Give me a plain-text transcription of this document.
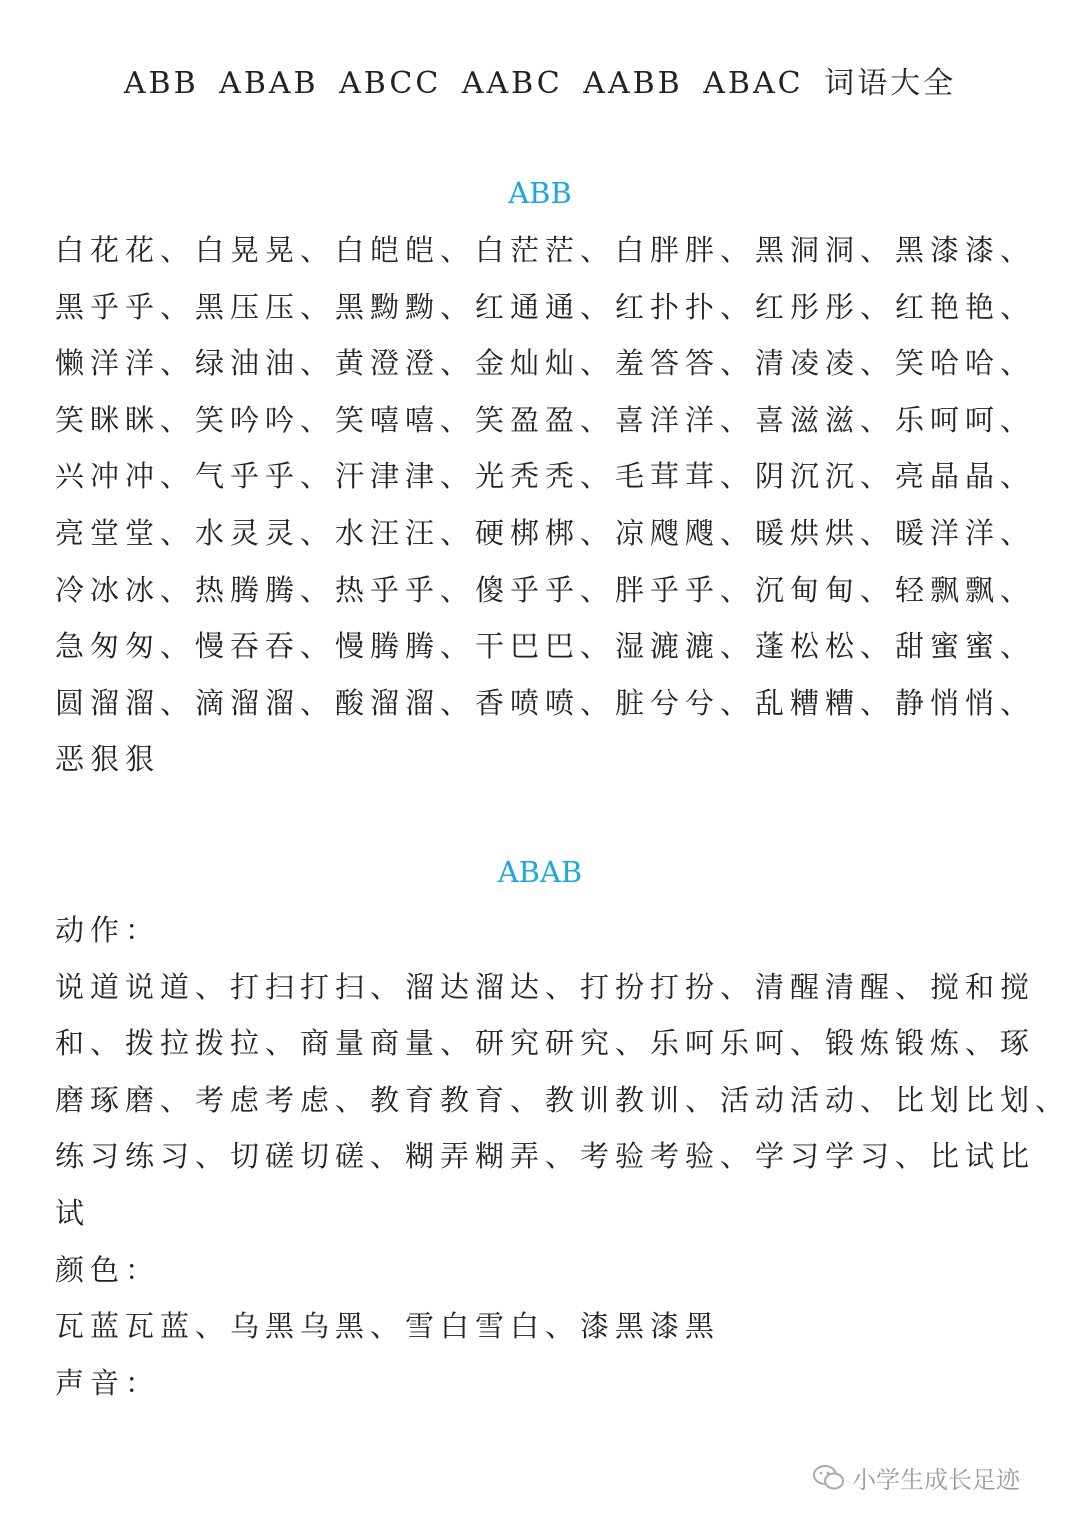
ABB ABAB ABCC AABC AABB ABAC 词语大全
ABB
白花花、白晃晃、白皑皑、白茫茫、白胖胖、黑洞洞、黑漆漆、
黑乎乎、黑压压、黑黝黝、红通通、红扑扑、红彤彤、红艳艳、
懒洋洋、绿油油、黄澄澄、金灿灿、羞答答、清凌凌、笑哈哈、
笑眯眯、笑吟吟、笑嘻嘻、笑盈盈、喜洋洋、喜滋滋、乐呵呵、
兴冲冲、气乎乎、汗津津、光秃秃、毛茸茸、阴沉沉、亮晶晶、
亮堂堂、水灵灵、水汪汪、硬梆梆、凉飕飕、暖烘烘、暖洋洋、
冷冰冰、热腾腾、热乎乎、傻乎乎、胖乎乎、沉甸甸、轻飘飘、
急匆匆、慢吞吞、慢腾腾、干巴巴、湿漉漉、蓬松松、甜蜜蜜、
圆溜溜、滴溜溜、酸溜溜、香喷喷、脏兮兮、乱糟糟、静悄悄、
恶狠狠
ABAB
动作：
说道说道、打扫打扫、溜达溜达、打扮打扮、清醒清醒、搅和搅
和、拨拉拨拉、商量商量、研究研究、乐呵乐呵、锻炼锻炼、琢
磨琢磨、考虑考虑、教育教育、教训教训、活动活动、比划比划、
练习练习、切磋切磋、糊弄糊弄、考验考验、学习学习、比试比
试
颜色：
瓦蓝瓦蓝、乌黑乌黑、雪白雪白、漆黑漆黑
声音：
小学生成长足迹
